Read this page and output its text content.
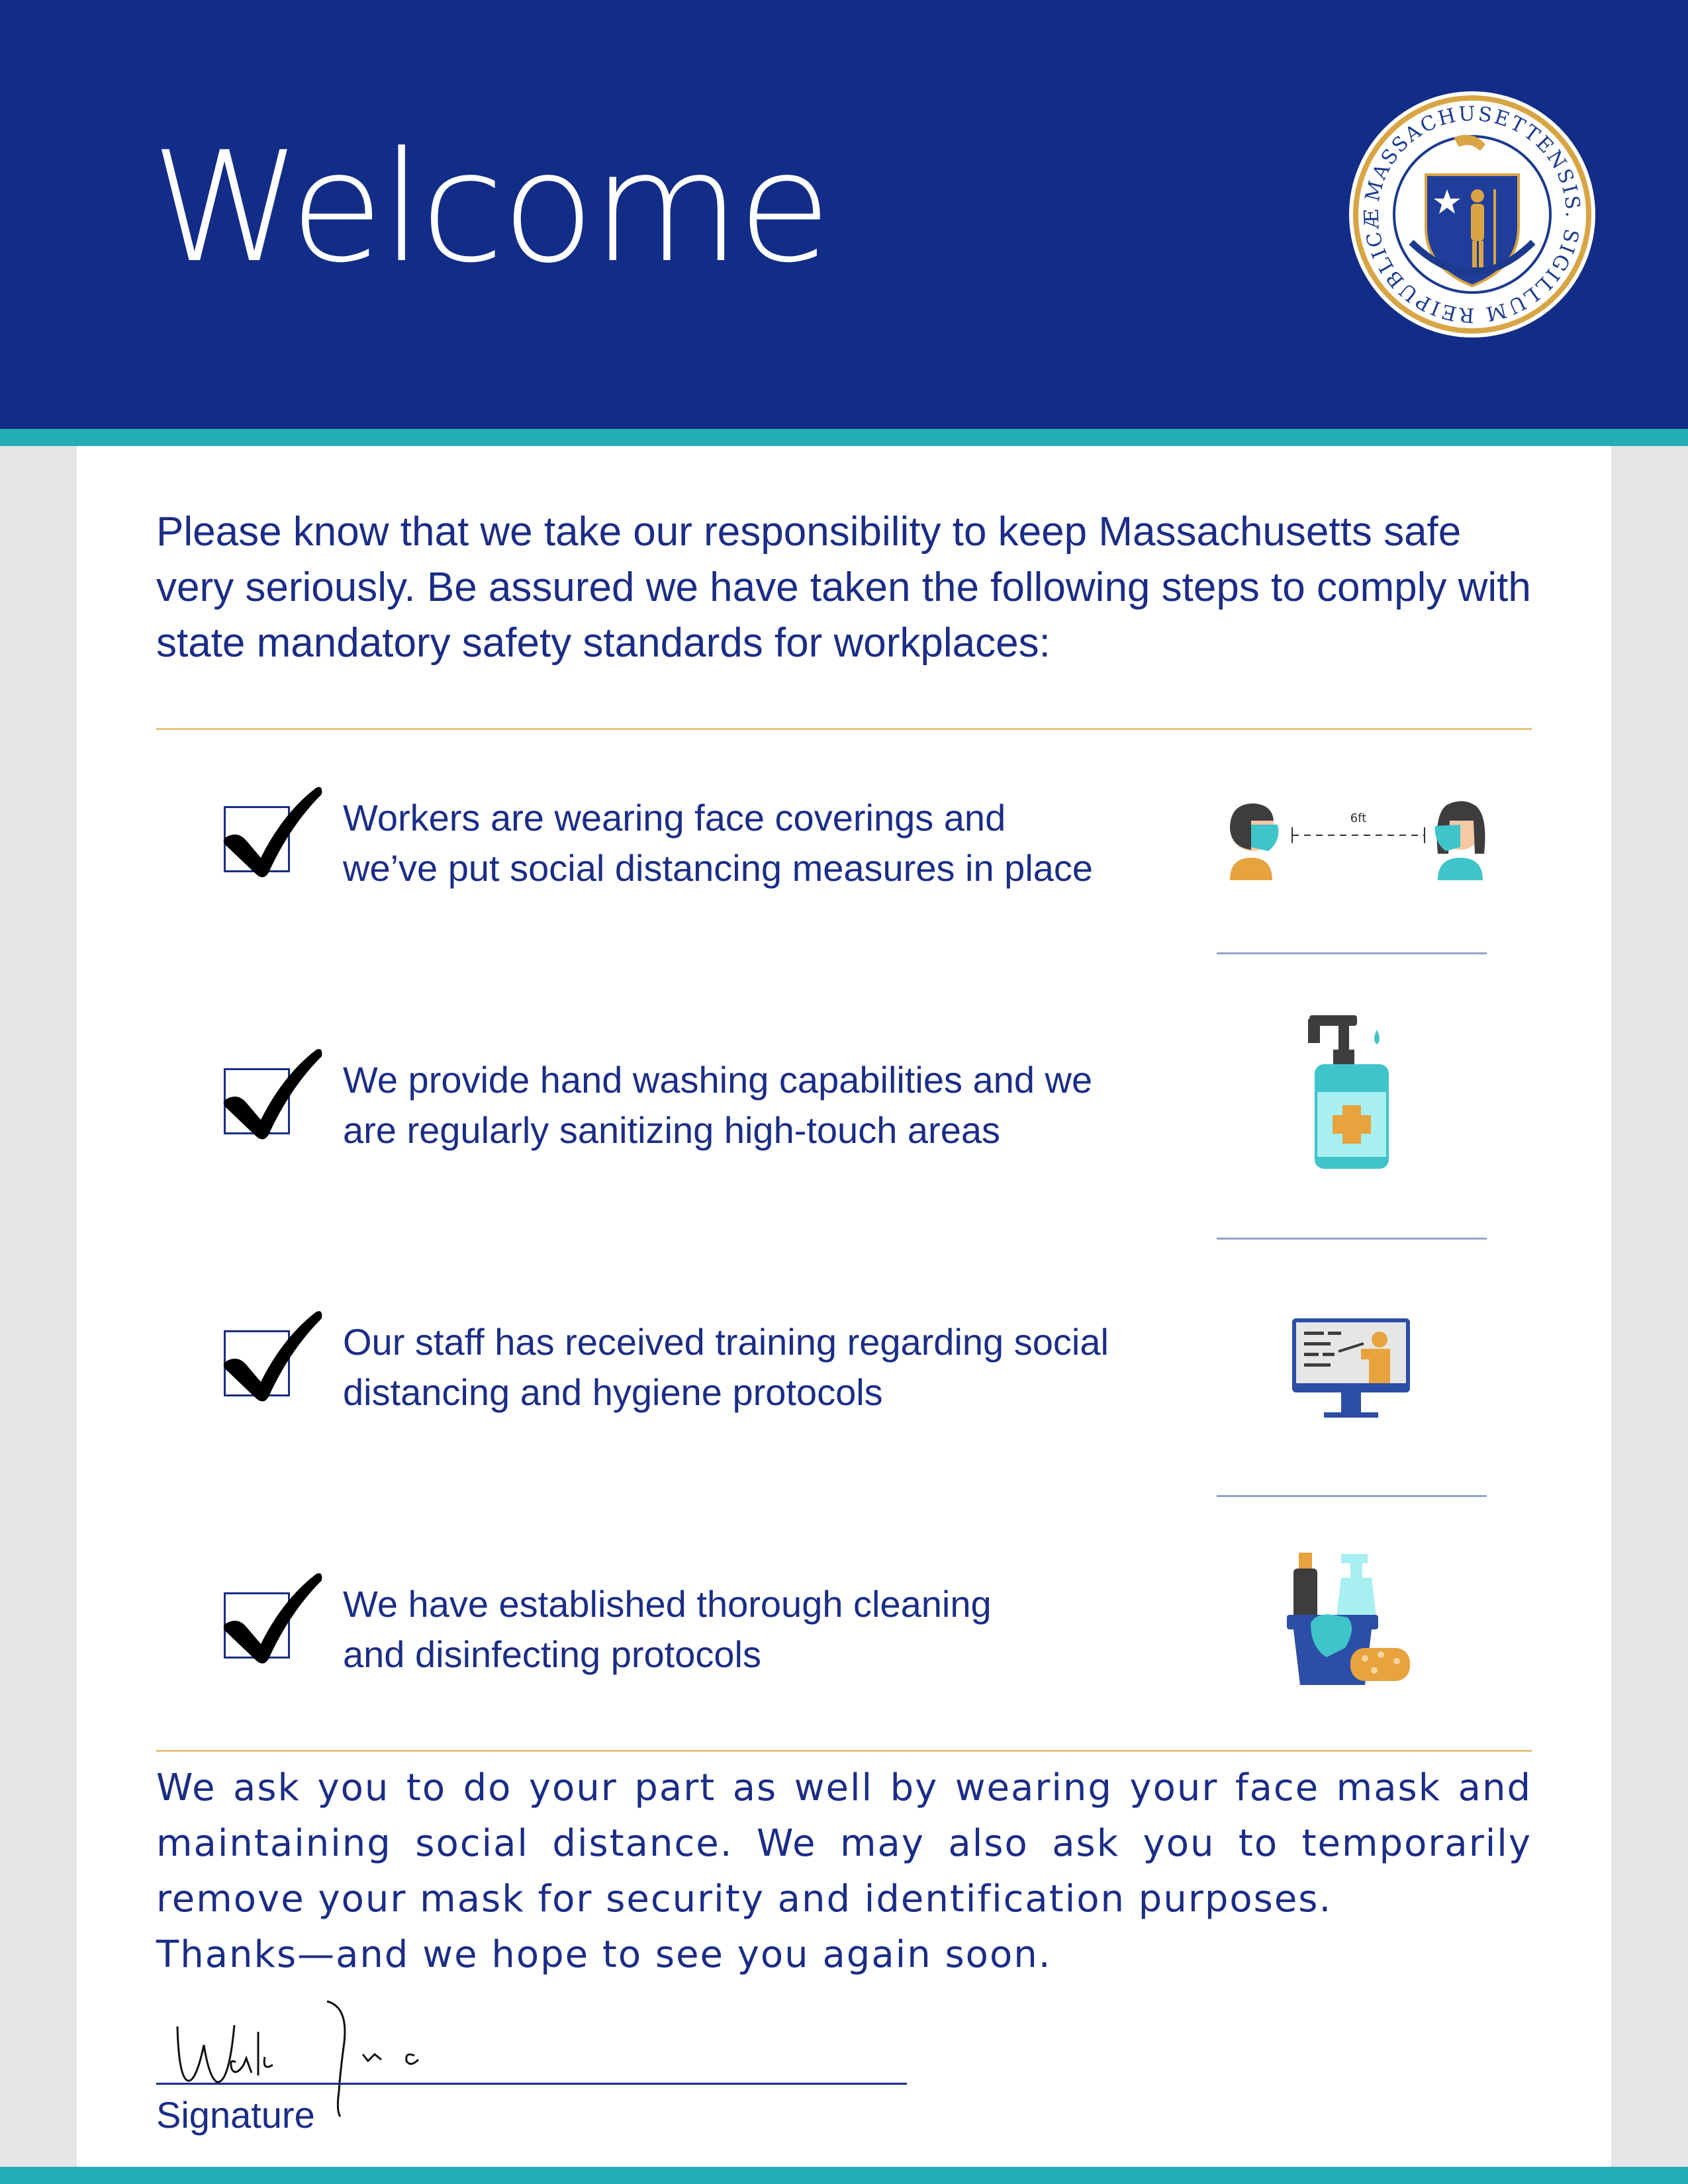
Welcome	MASSACHUSETTENSIS. SIGILLUM REIPUBLICÆ

Please know that we take our responsibility to keep Massachusetts safe very seriously. Be assured we have taken the following steps to comply with state mandatory safety standards for workplaces:

Workers are wearing face coverings and
we’ve put social distancing measures in place

6ft

We provide hand washing capabilities and we
are regularly sanitizing high-touch areas

Our staff has received training regarding social
distancing and hygiene protocols

We have established thorough cleaning
and disinfecting protocols

We ask you to do your part as well by wearing your face mask and maintaining social distance. We may also ask you to temporarily remove your mask for security and identification purposes.
Thanks—and we hope to see you again soon.

Signature
